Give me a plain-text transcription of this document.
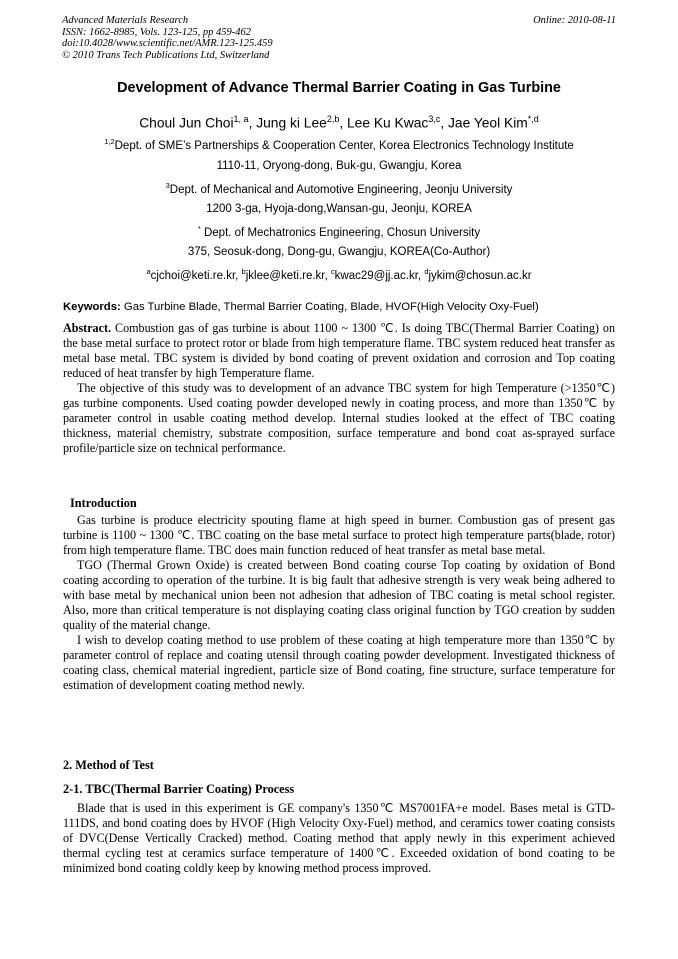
Advanced Materials Research
ISSN: 1662-8985, Vols. 123-125, pp 459-462
doi:10.4028/www.scientific.net/AMR.123-125.459
© 2010 Trans Tech Publications Ltd, Switzerland
Online: 2010-08-11
Development of Advance Thermal Barrier Coating in Gas Turbine
Choul Jun Choi$^{1, a}$, Jung ki Lee$^{2,b}$, Lee Ku Kwac$^{3,c}$, Jae Yeol Kim$^{*,d}$
$^{1,2}$Dept. of SME’s Partnerships & Cooperation Center, Korea Electronics Technology Institute
1110-11, Oryong-dong, Buk-gu, Gwangju, Korea
$^3$Dept. of Mechanical and Automotive Engineering, Jeonju University
1200 3-ga, Hyoja-dong,Wansan-gu, Jeonju, KOREA
* Dept. of Mechatronics Engineering, Chosun University
375, Seosuk-dong, Dong-gu, Gwangju, KOREA(Co-Author)
$^a$cjchoi@keti.re.kr, $^b$jklee@keti.re.kr, $^c$kwac29@jj.ac.kr, $^d$jykim@chosun.ac.kr
Keywords: Gas Turbine Blade, Thermal Barrier Coating, Blade, HVOF(High Velocity Oxy-Fuel)

Abstract. Combustion gas of gas turbine is about 1100 ~ 1300 ℃. Is doing TBC(Thermal Barrier Coating) on the base metal surface to protect rotor or blade from high temperature flame. TBC system reduced heat transfer as metal base metal. TBC system is divided by bond coating of prevent oxidation and corrosion and Top coating reduced of heat transfer by high Temperature flame.

The objective of this study was to development of an advance TBC system for high Temperature (>1350℃) gas turbine components. Used coating powder developed newly in coating process, and more than 1350℃ by parameter control in usable coating method develop. Internal studies looked at the effect of TBC coating thickness, material chemistry, substrate composition, surface temperature and bond coat as-sprayed surface profile/particle size on technical performance.

Introduction

Gas turbine is produce electricity spouting flame at high speed in burner. Combustion gas of present gas turbine is 1100 ~ 1300 ℃. TBC coating on the base metal surface to protect high temperature parts(blade, rotor) from high temperature flame. TBC does main function reduced of heat transfer as metal base metal.

TGO (Thermal Grown Oxide) is created between Bond coating course Top coating by oxidation of Bond coating according to operation of the turbine. It is big fault that adhesive strength is very weak being adhered to with base metal by mechanical union been not adhesion that adhesion of TBC coating is metal school register. Also, more than critical temperature is not displaying coating class original function by TGO creation by sudden quality of the material change.

I wish to develop coating method to use problem of these coating at high temperature more than 1350℃ by parameter control of replace and coating utensil through coating powder development. Investigated thickness of coating class, chemical material ingredient, particle size of Bond coating, fine structure, surface temperature for estimation of development coating method newly.

2. Method of Test
2-1. TBC(Thermal Barrier Coating) Process

Blade that is used in this experiment is GE company's 1350℃ MS7001FA+e model. Bases metal is GTD-111DS, and bond coating does by HVOF (High Velocity Oxy-Fuel) method, and ceramics tower coating consists of DVC(Dense Vertically Cracked) method. Coating method that apply newly in this experiment achieved thermal cycling test at ceramics surface temperature of 1400℃. Exceeded oxidation of bond coating to be minimized bond coating coldly keep by knowing method process improved.
